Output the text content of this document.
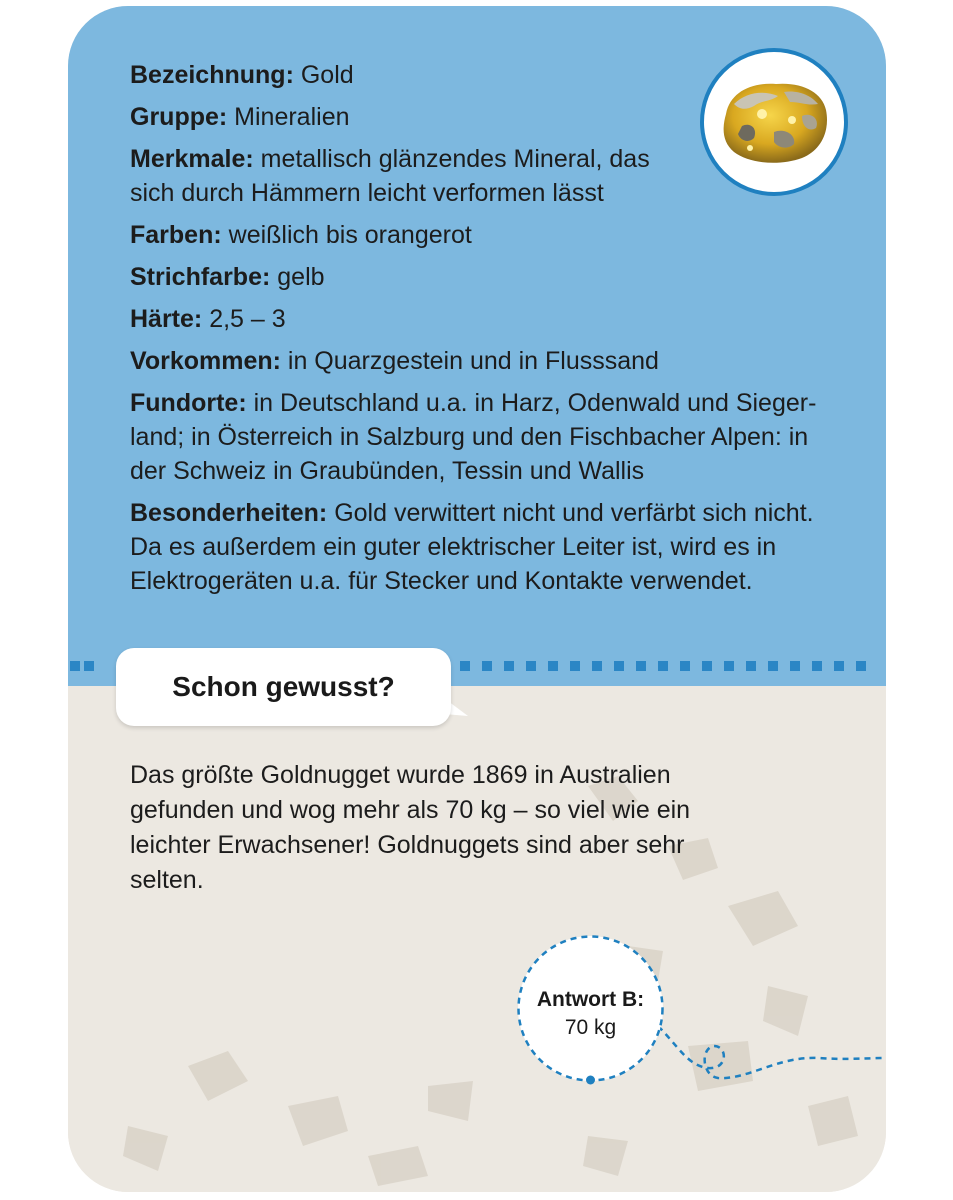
Bezeichnung: Gold

Gruppe: Mineralien

Merkmale: metallisch glänzendes Mineral, das sich durch Hämmern leicht verformen lässt

Farben: weißlich bis orangerot

Strichfarbe: gelb

Härte: 2,5 – 3

Vorkommen: in Quarzgestein und in Flusssand

Fundorte: in Deutschland u.a. in Harz, Odenwald und Sieger-land; in Österreich in Salzburg und den Fischbacher Alpen: in der Schweiz in Graubünden, Tessin und Wallis

Besonderheiten: Gold verwittert nicht und verfärbt sich nicht. Da es außerdem ein guter elektrischer Leiter ist, wird es in Elektrogeräten u.a. für Stecker und Kontakte verwendet.

Schon gewusst?

Das größte Goldnugget wurde 1869 in Australien gefunden und wog mehr als 70 kg – so viel wie ein leichter Erwachsener! Goldnuggets sind aber sehr selten.

Antwort B:
70 kg
